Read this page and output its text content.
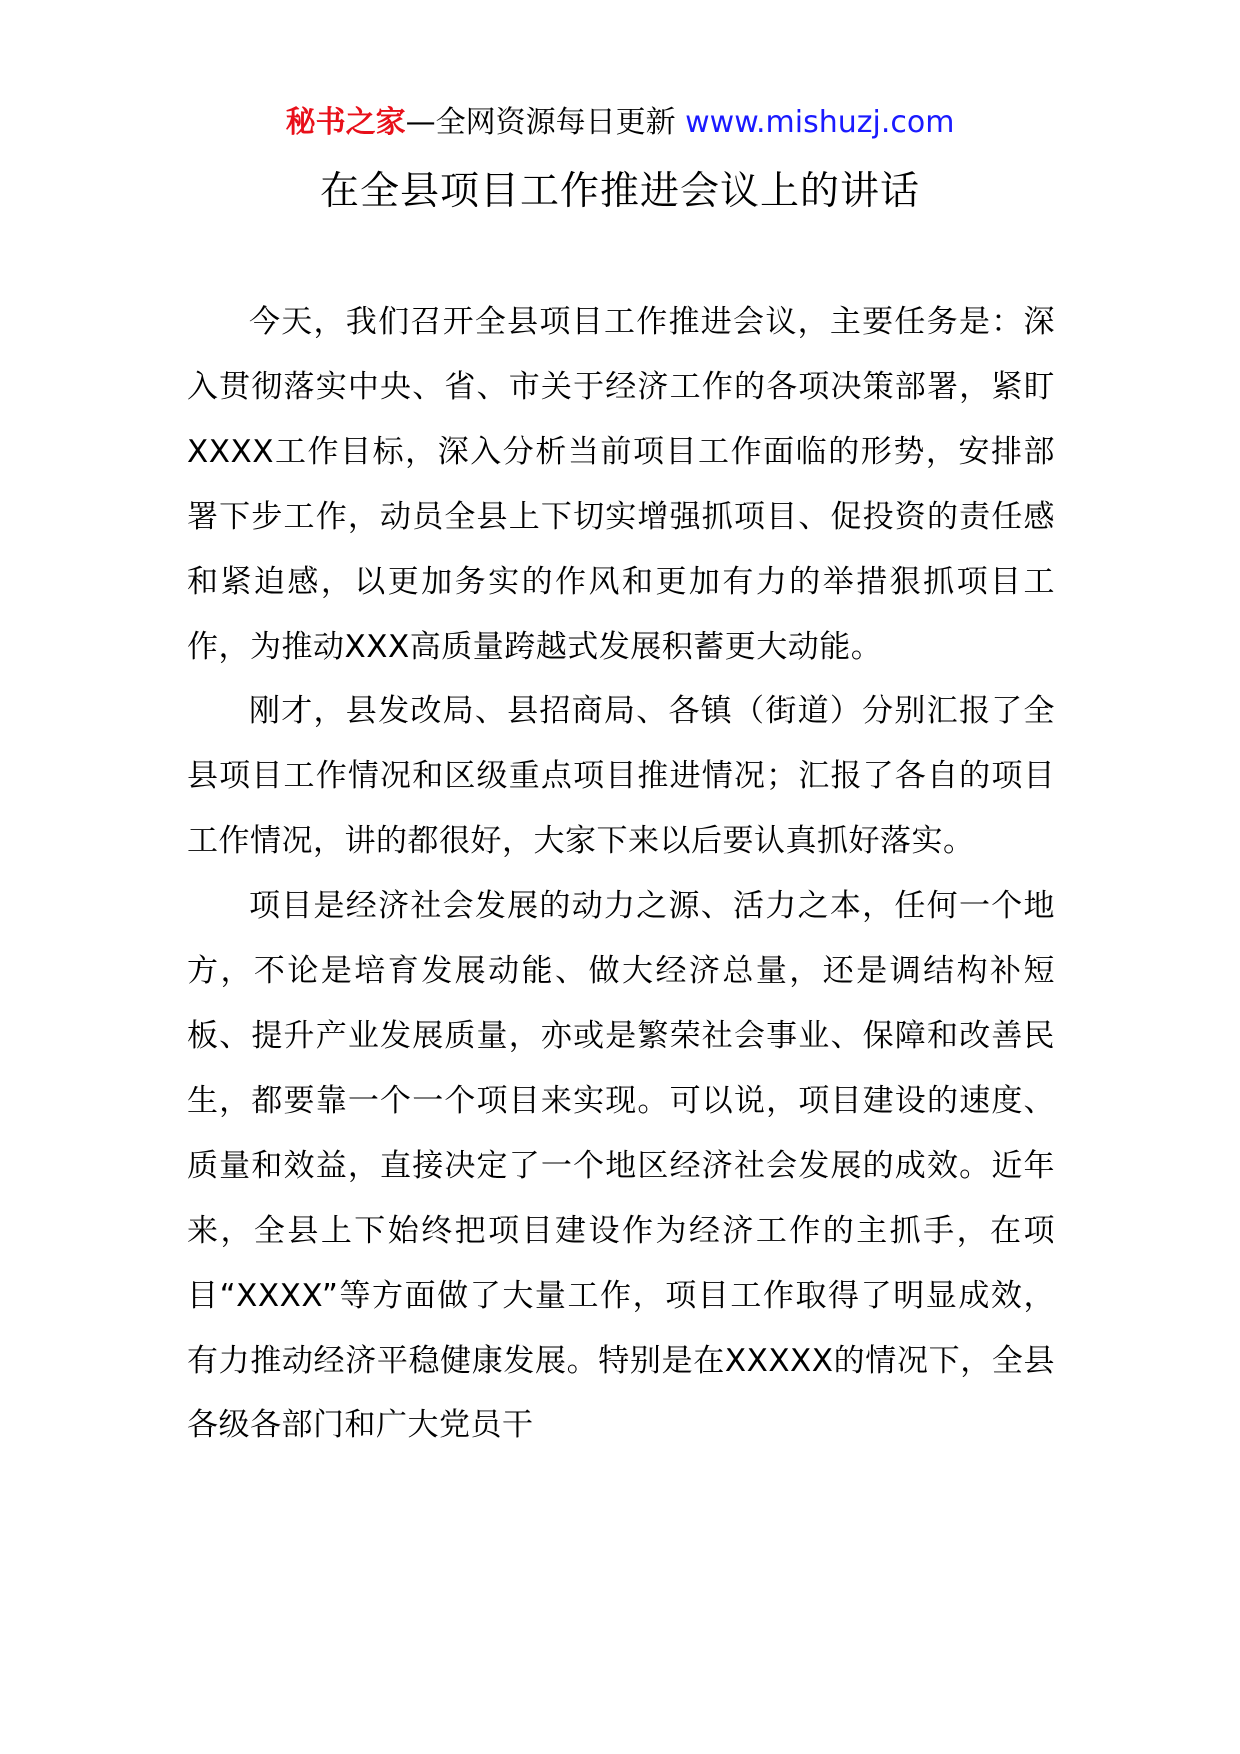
秘书之家—全网资源每日更新 www.mishuzj.com
在全县项目工作推进会议上的讲话

今天，我们召开全县项目工作推进会议，主要任务是：深入贯彻落实中央、省、市关于经济工作的各项决策部署，紧盯XXXX工作目标，深入分析当前项目工作面临的形势，安排部署下步工作，动员全县上下切实增强抓项目、促投资的责任感和紧迫感，以更加务实的作风和更加有力的举措狠抓项目工作，为推动XXX高质量跨越式发展积蓄更大动能。

刚才，县发改局、县招商局、各镇（街道）分别汇报了全县项目工作情况和区级重点项目推进情况；汇报了各自的项目工作情况，讲的都很好，大家下来以后要认真抓好落实。

项目是经济社会发展的动力之源、活力之本，任何一个地方，不论是培育发展动能、做大经济总量，还是调结构补短板、提升产业发展质量，亦或是繁荣社会事业、保障和改善民生，都要靠一个一个项目来实现。可以说，项目建设的速度、质量和效益，直接决定了一个地区经济社会发展的成效。近年来，全县上下始终把项目建设作为经济工作的主抓手，在项目“XXXX”等方面做了大量工作，项目工作取得了明显成效，有力推动经济平稳健康发展。特别是在XXXXX的情况下，全县各级各部门和广大党员干
